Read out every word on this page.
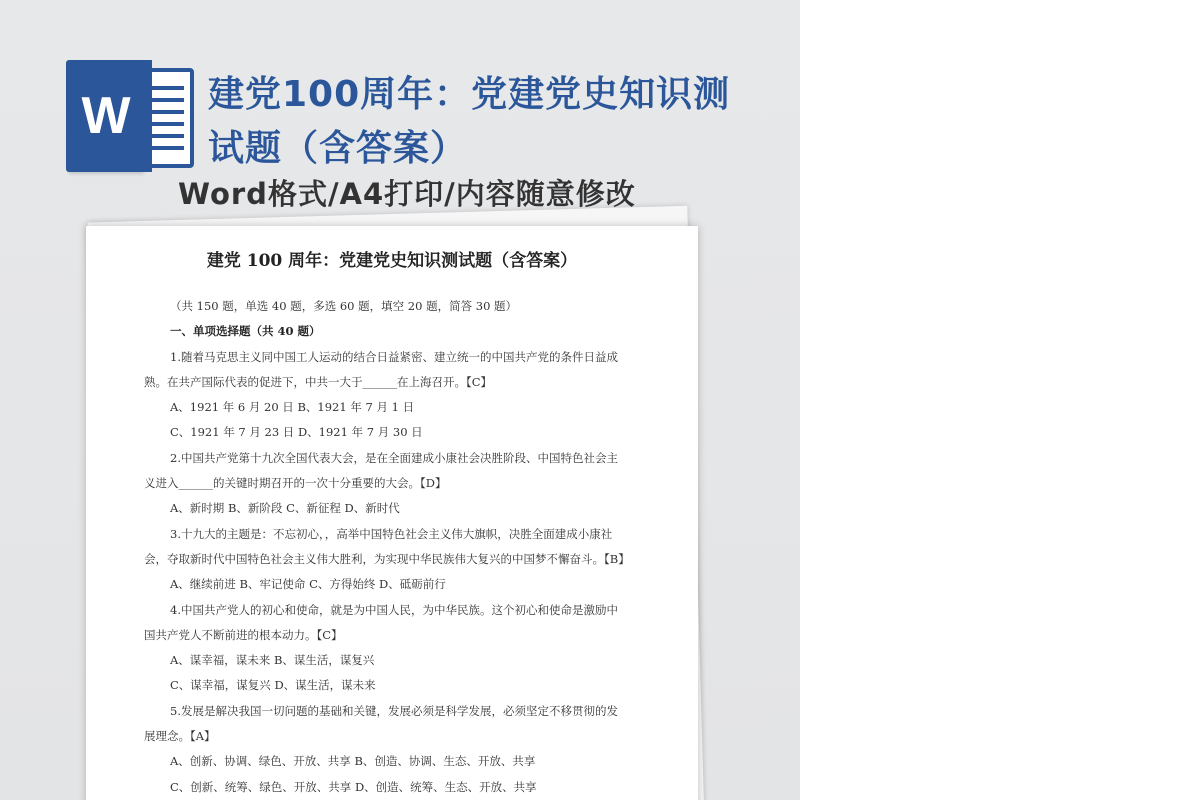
W 建党100周年：党建党史知识测
试题（含答案）
Word格式/A4打印/内容随意修改
建党 100 周年：党建党史知识测试题（含答案）

（共 150 题，单选 40 题，多选 60 题，填空 20 题，简答 30 题）

一、单项选择题（共 40 题）

1.随着马克思主义同中国工人运动的结合日益紧密、建立统一的中国共产党的条件日益成

熟。在共产国际代表的促进下，中共一大于______在上海召开。【C】

A、1921 年 6 月 20 日 B、1921 年 7 月 1 日

C、1921 年 7 月 23 日 D、1921 年 7 月 30 日

2.中国共产党第十九次全国代表大会，是在全面建成小康社会决胜阶段、中国特色社会主

义进入______的关键时期召开的一次十分重要的大会。【D】

A、新时期 B、新阶段 C、新征程 D、新时代

3.十九大的主题是：不忘初心，，高举中国特色社会主义伟大旗帜，决胜全面建成小康社

会，夺取新时代中国特色社会主义伟大胜利，为实现中华民族伟大复兴的中国梦不懈奋斗。【B】

A、继续前进 B、牢记使命 C、方得始终 D、砥砺前行

4.中国共产党人的初心和使命，就是为中国人民，为中华民族。这个初心和使命是激励中

国共产党人不断前进的根本动力。【C】

A、谋幸福，谋未来 B、谋生活，谋复兴

C、谋幸福，谋复兴 D、谋生活，谋未来

5.发展是解决我国一切问题的基础和关键，发展必须是科学发展，必须坚定不移贯彻的发

展理念。【A】

A、创新、协调、绿色、开放、共享 B、创造、协调、生态、开放、共享

C、创新、统筹、绿色、开放、共享 D、创造、统筹、生态、开放、共享
